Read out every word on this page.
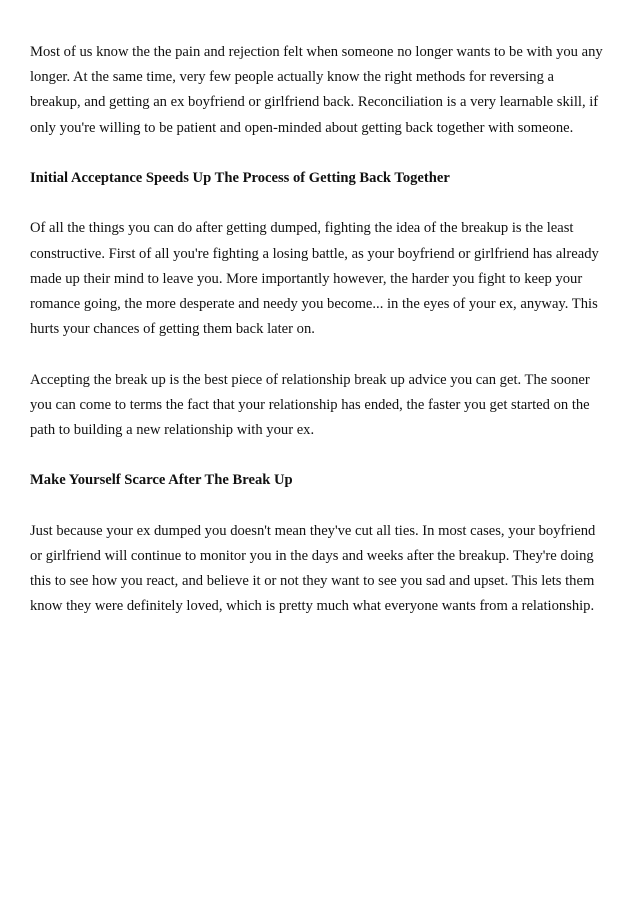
Most of us know the the pain and rejection felt when someone no longer wants to be with you any longer. At the same time, very few people actually know the right methods for reversing a breakup, and getting an ex boyfriend or girlfriend back. Reconciliation is a very learnable skill, if only you're willing to be patient and open-minded about getting back together with someone.

Initial Acceptance Speeds Up The Process of Getting Back Together

Of all the things you can do after getting dumped, fighting the idea of the breakup is the least constructive. First of all you're fighting a losing battle, as your boyfriend or girlfriend has already made up their mind to leave you. More importantly however, the harder you fight to keep your romance going, the more desperate and needy you become... in the eyes of your ex, anyway. This hurts your chances of getting them back later on.

Accepting the break up is the best piece of relationship break up advice you can get. The sooner you can come to terms the fact that your relationship has ended, the faster you get started on the path to building a new relationship with your ex.

Make Yourself Scarce After The Break Up

Just because your ex dumped you doesn't mean they've cut all ties. In most cases, your boyfriend or girlfriend will continue to monitor you in the days and weeks after the breakup. They're doing this to see how you react, and believe it or not they want to see you sad and upset. This lets them know they were definitely loved, which is pretty much what everyone wants from a relationship.
